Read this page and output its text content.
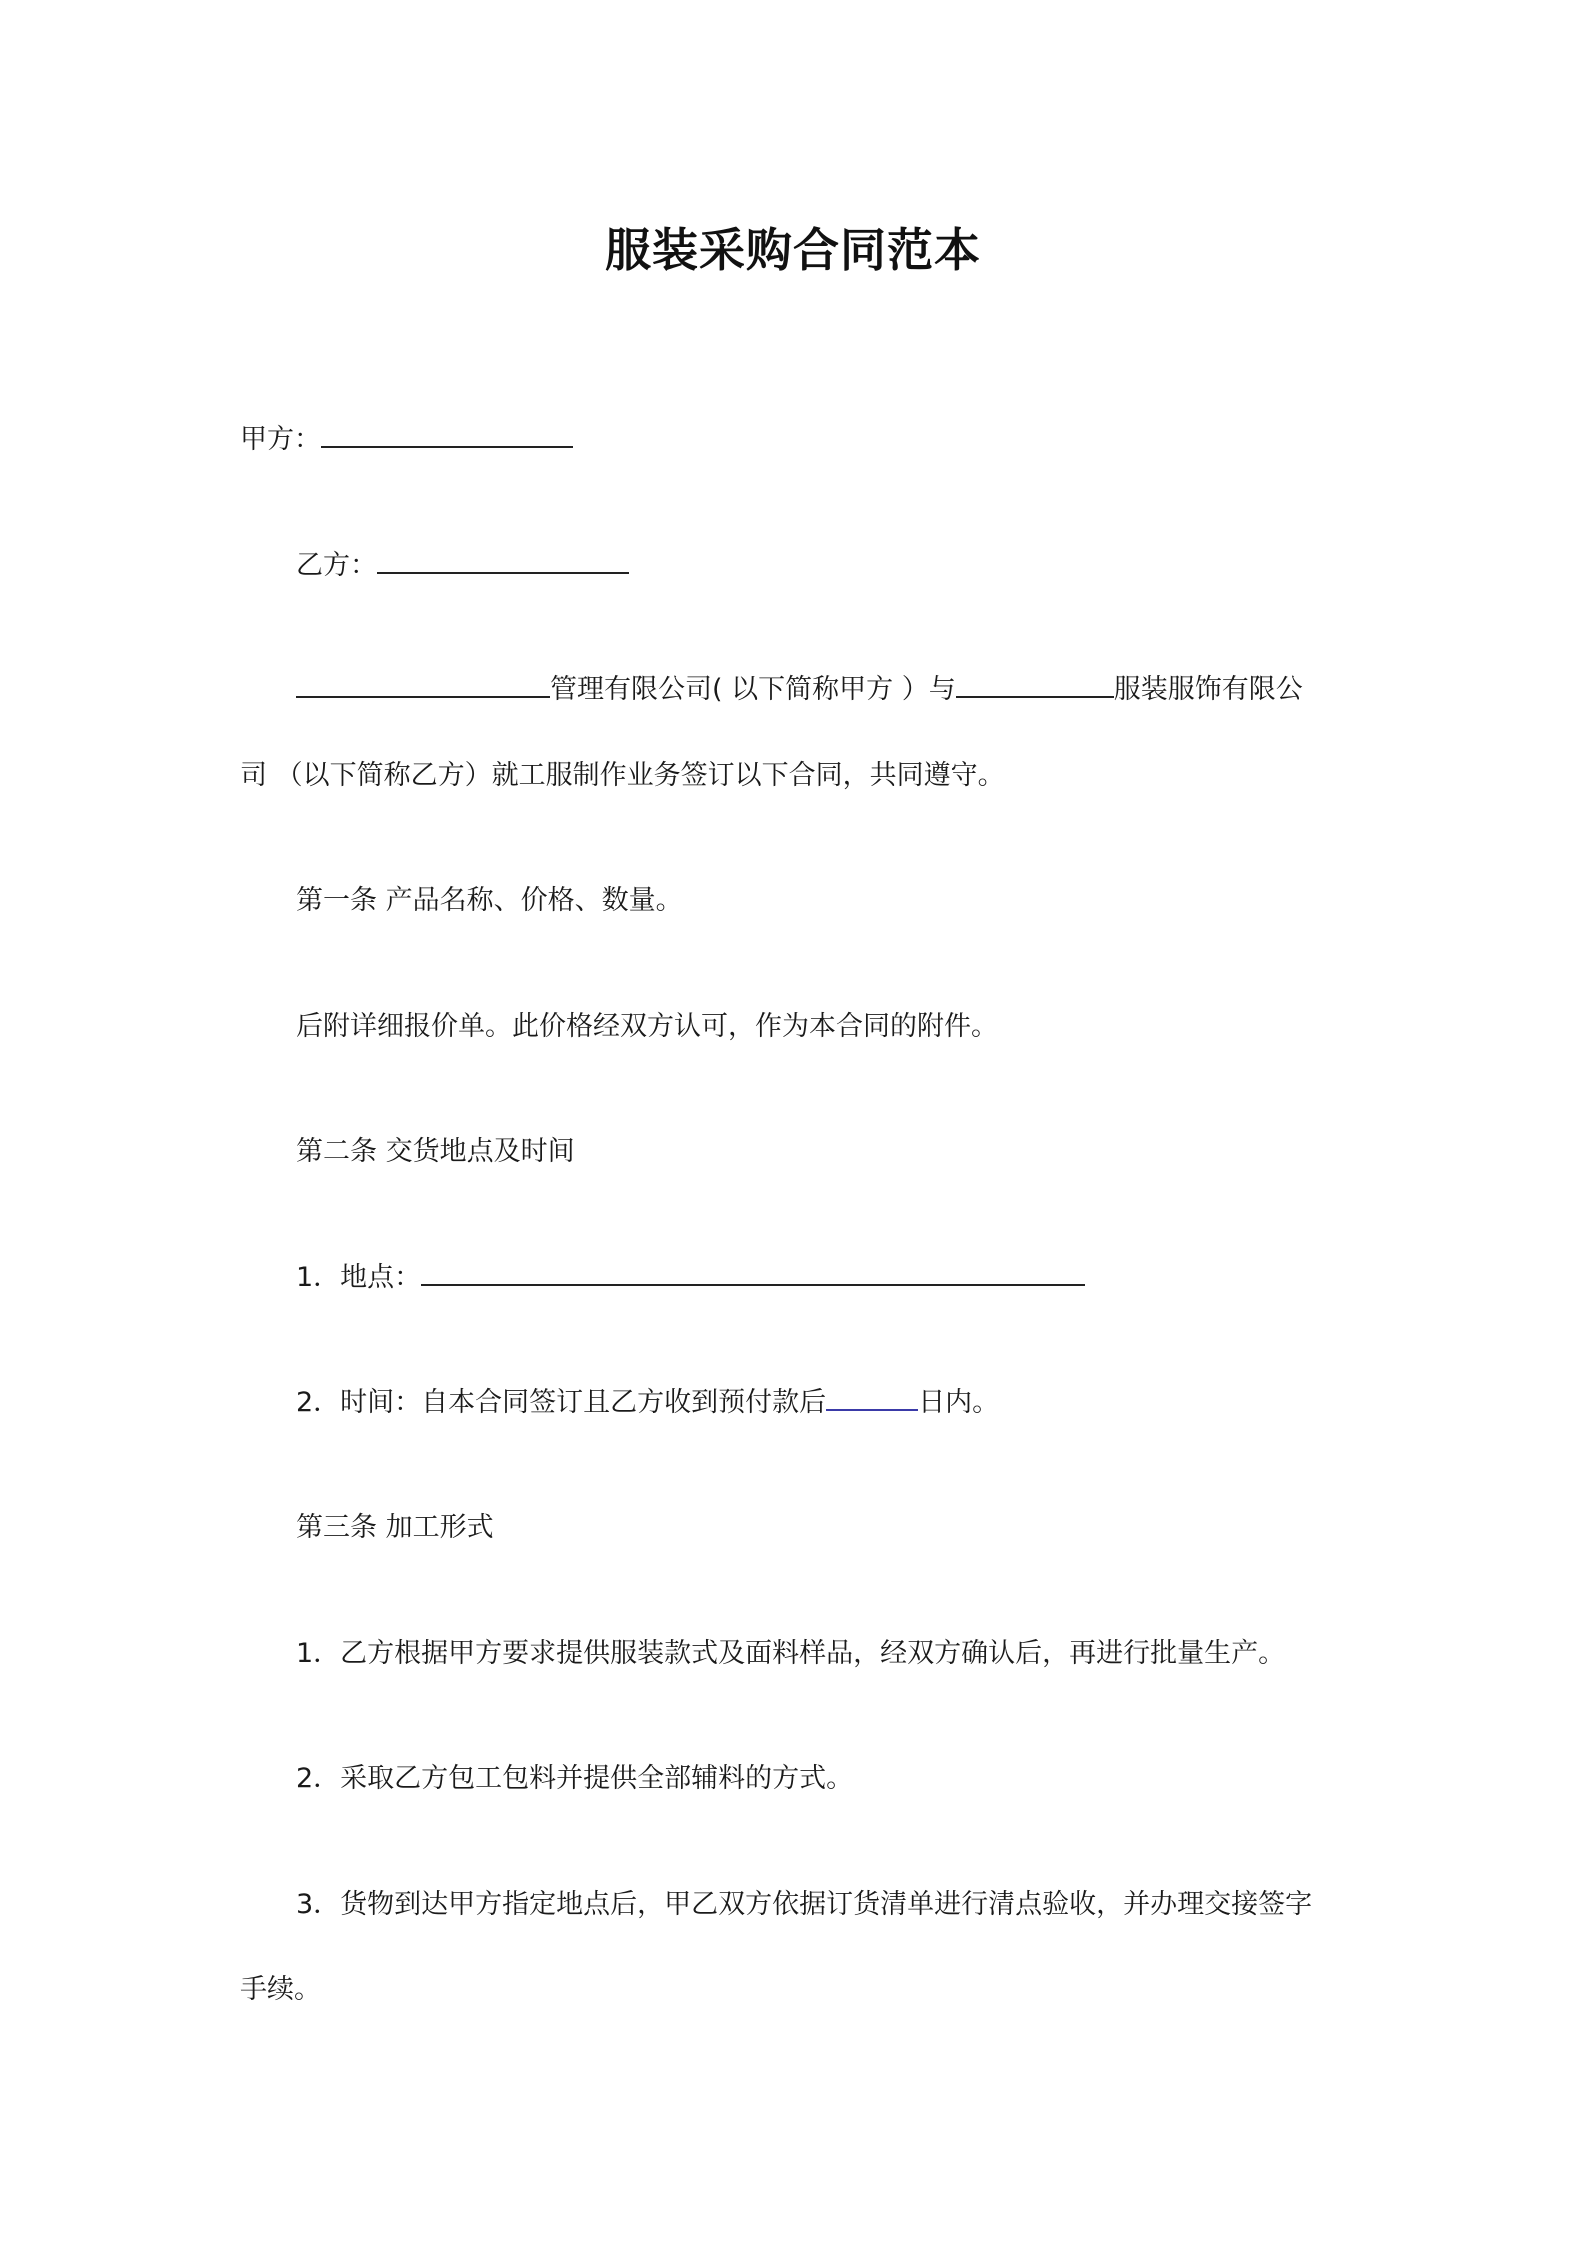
服装采购合同范本
甲方：
乙方：
管理有限公司( 以下简称甲方 ）与	服装服饰有限公
司 （以下简称乙方）就工服制作业务签订以下合同，共同遵守。
第一条 产品名称、价格、数量。
后附详细报价单。此价格经双方认可，作为本合同的附件。
第二条 交货地点及时间
1．地点：
2．时间：自本合同签订且乙方收到预付款后	日内。
第三条 加工形式
1．乙方根据甲方要求提供服装款式及面料样品，经双方确认后，再进行批量生产。
2．采取乙方包工包料并提供全部辅料的方式。
3．货物到达甲方指定地点后，甲乙双方依据订货清单进行清点验收，并办理交接签字
手续。
